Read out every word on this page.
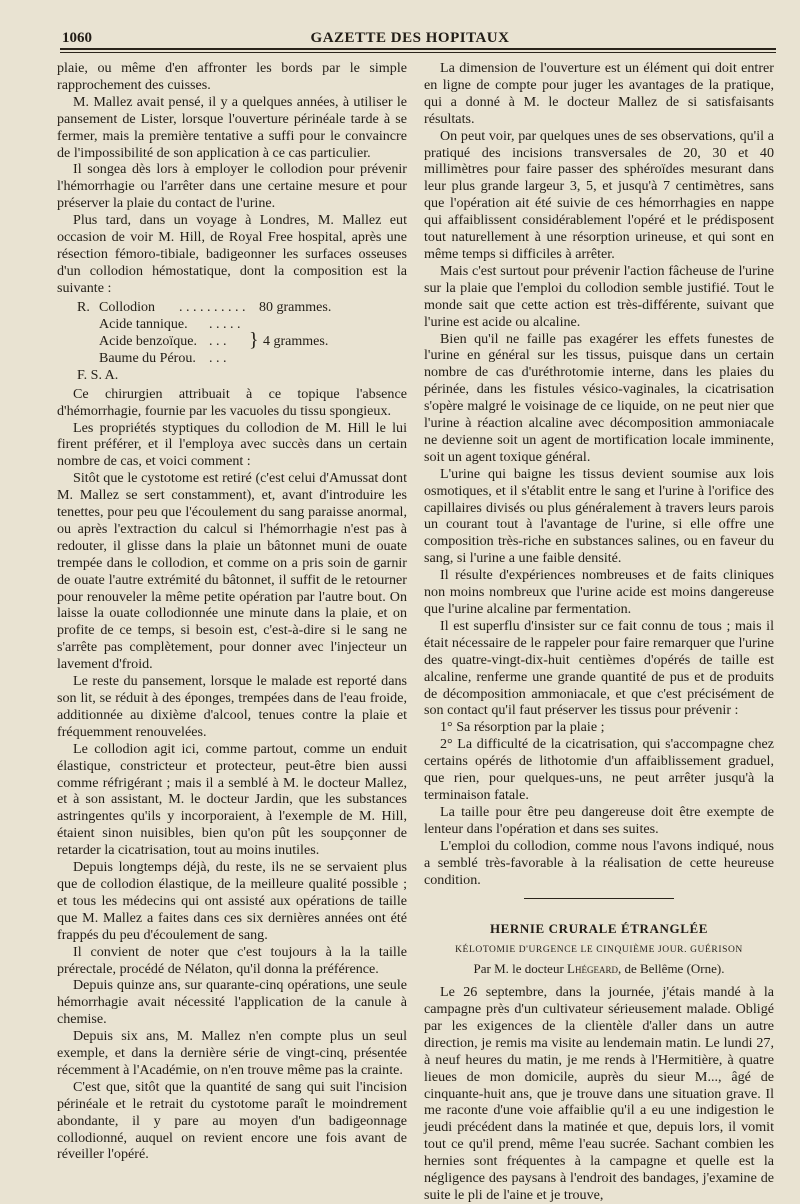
1060	GAZETTE DES HOPITAUX

plaie, ou même d'en affronter les bords par le simple rapprochement des cuisses.

M. Mallez avait pensé, il y a quelques années, à utiliser le pansement de Lister, lorsque l'ouverture périnéale tarde à se fermer, mais la première tentative a suffi pour le convaincre de l'impossibilité de son application à ce cas particulier.

Il songea dès lors à employer le collodion pour prévenir l'hémorrhagie ou l'arrêter dans une certaine mesure et pour préserver la plaie du contact de l'urine.

Plus tard, dans un voyage à Londres, M. Mallez eut occasion de voir M. Hill, de Royal Free hospital, après une résection fémoro-tibiale, badigeonner les surfaces osseuses d'un collodion hémostatique, dont la composition est la suivante :

R. Collodion	. . . . . . . . . . 80 grammes.
Acide tannique.	. . . . .
Acide benzoïque. . . .	} 4 grammes.
Baume du Pérou. . . .
F. S. A.

Ce chirurgien attribuait à ce topique l'absence d'hémorrhagie, fournie par les vacuoles du tissu spongieux.

Les propriétés styptiques du collodion de M. Hill le lui firent préférer, et il l'employa avec succès dans un certain nombre de cas, et voici comment :

Sitôt que le cystotome est retiré (c'est celui d'Amussat dont M. Mallez se sert constamment), et, avant d'introduire les tenettes, pour peu que l'écoulement du sang paraisse anormal, ou après l'extraction du calcul si l'hémorrhagie n'est pas à redouter, il glisse dans la plaie un bâtonnet muni de ouate trempée dans le collodion, et comme on a pris soin de garnir de ouate l'autre extrémité du bâtonnet, il suffit de le retourner pour renouveler la même petite opération par l'autre bout. On laisse la ouate collodionnée une minute dans la plaie, et on profite de ce temps, si besoin est, c'est-à-dire si le sang ne s'arrête pas complètement, pour donner avec l'injecteur un lavement d'froid.

Le reste du pansement, lorsque le malade est reporté dans son lit, se réduit à des éponges, trempées dans de l'eau froide, additionnée au dixième d'alcool, tenues contre la plaie et fréquemment renouvelées.

Le collodion agit ici, comme partout, comme un enduit élastique, constricteur et protecteur, peut-être bien aussi comme réfrigérant ; mais il a semblé à M. le docteur Mallez, et à son assistant, M. le docteur Jardin, que les substances astringentes qu'ils y incorporaient, à l'exemple de M. Hill, étaient sinon nuisibles, bien qu'on pût les soupçonner de retarder la cicatrisation, tout au moins inutiles.

Depuis longtemps déjà, du reste, ils ne se servaient plus que de collodion élastique, de la meilleure qualité possible ; et tous les médecins qui ont assisté aux opérations de taille que M. Mallez a faites dans ces six dernières années ont été frappés du peu d'écoulement de sang.

Il convient de noter que c'est toujours à la la taille prérectale, procédé de Nélaton, qu'il donna la préférence.

Depuis quinze ans, sur quarante-cinq opérations, une seule hémorrhagie avait nécessité l'application de la canule à chemise.

Depuis six ans, M. Mallez n'en compte plus un seul exemple, et dans la dernière série de vingt-cinq, présentée récemment à l'Académie, on n'en trouve même pas la crainte.

C'est que, sitôt que la quantité de sang qui suit l'incision périnéale et le retrait du cystotome paraît le moindrement abondante, il y pare au moyen d'un badigeonnage collodionné, auquel on revient encore une fois avant de réveiller l'opéré.

La dimension de l'ouverture est un élément qui doit entrer en ligne de compte pour juger les avantages de la pratique, qui a donné à M. le docteur Mallez de si satisfaisants résultats.

On peut voir, par quelques unes de ses observations, qu'il a pratiqué des incisions transversales de 20, 30 et 40 millimètres pour faire passer des sphéroïdes mesurant dans leur plus grande largeur 3, 5, et jusqu'à 7 centimètres, sans que l'opération ait été suivie de ces hémorrhagies en nappe qui affaiblissent considérablement l'opéré et le prédisposent tout naturellement à une résorption urineuse, et qui sont en même temps si difficiles à arrêter.

Mais c'est surtout pour prévenir l'action fâcheuse de l'urine sur la plaie que l'emploi du collodion semble justifié. Tout le monde sait que cette action est très-différente, suivant que l'urine est acide ou alcaline.

Bien qu'il ne faille pas exagérer les effets funestes de l'urine en général sur les tissus, puisque dans un certain nombre de cas d'uréthrotomie interne, dans les plaies du périnée, dans les fistules vésico-vaginales, la cicatrisation s'opère malgré le voisinage de ce liquide, on ne peut nier que l'urine à réaction alcaline avec décomposition ammoniacale ne devienne soit un agent de mortification locale imminente, soit un agent toxique général.

L'urine qui baigne les tissus devient soumise aux lois osmotiques, et il s'établit entre le sang et l'urine à l'orifice des capillaires divisés ou plus généralement à travers leurs parois un courant tout à l'avantage de l'urine, si elle offre une composition très-riche en substances salines, ou en faveur du sang, si l'urine a une faible densité.

Il résulte d'expériences nombreuses et de faits cliniques non moins nombreux que l'urine acide est moins dangereuse que l'urine alcaline par fermentation.

Il est superflu d'insister sur ce fait connu de tous ; mais il était nécessaire de le rappeler pour faire remarquer que l'urine des quatre-vingt-dix-huit centièmes d'opérés de taille est alcaline, renferme une grande quantité de pus et de produits de décomposition ammoniacale, et que c'est précisément de son contact qu'il faut préserver les tissus pour prévenir :

1° Sa résorption par la plaie ;

2° La difficulté de la cicatrisation, qui s'accompagne chez certains opérés de lithotomie d'un affaiblissement graduel, que rien, pour quelques-uns, ne peut arrêter jusqu'à la terminaison fatale.

La taille pour être peu dangereuse doit être exempte de lenteur dans l'opération et dans ses suites.

L'emploi du collodion, comme nous l'avons indiqué, nous a semblé très-favorable à la réalisation de cette heureuse condition.

HERNIE CRURALE ÉTRANGLÉE
KÉLOTOMIE D'URGENCE LE CINQUIÈME JOUR. GUÉRISON
Par M. le docteur Lhégeard, de Bellême (Orne).

Le 26 septembre, dans la journée, j'étais mandé à la campagne près d'un cultivateur sérieusement malade. Obligé par les exigences de la clientèle d'aller dans un autre direction, je remis ma visite au lendemain matin. Le lundi 27, à neuf heures du matin, je me rends à l'Hermitière, à quatre lieues de mon domicile, auprès du sieur M..., âgé de cinquante-huit ans, que je trouve dans une situation grave. Il me raconte d'une voie affaiblie qu'il a eu une indigestion le jeudi précédent dans la matinée et que, depuis lors, il vomit tout ce qu'il prend, même l'eau sucrée. Sachant combien les hernies sont fréquentes à la campagne et quelle est la négligence des paysans à l'endroit des bandages, j'examine de suite le pli de l'aine et je trouve,
